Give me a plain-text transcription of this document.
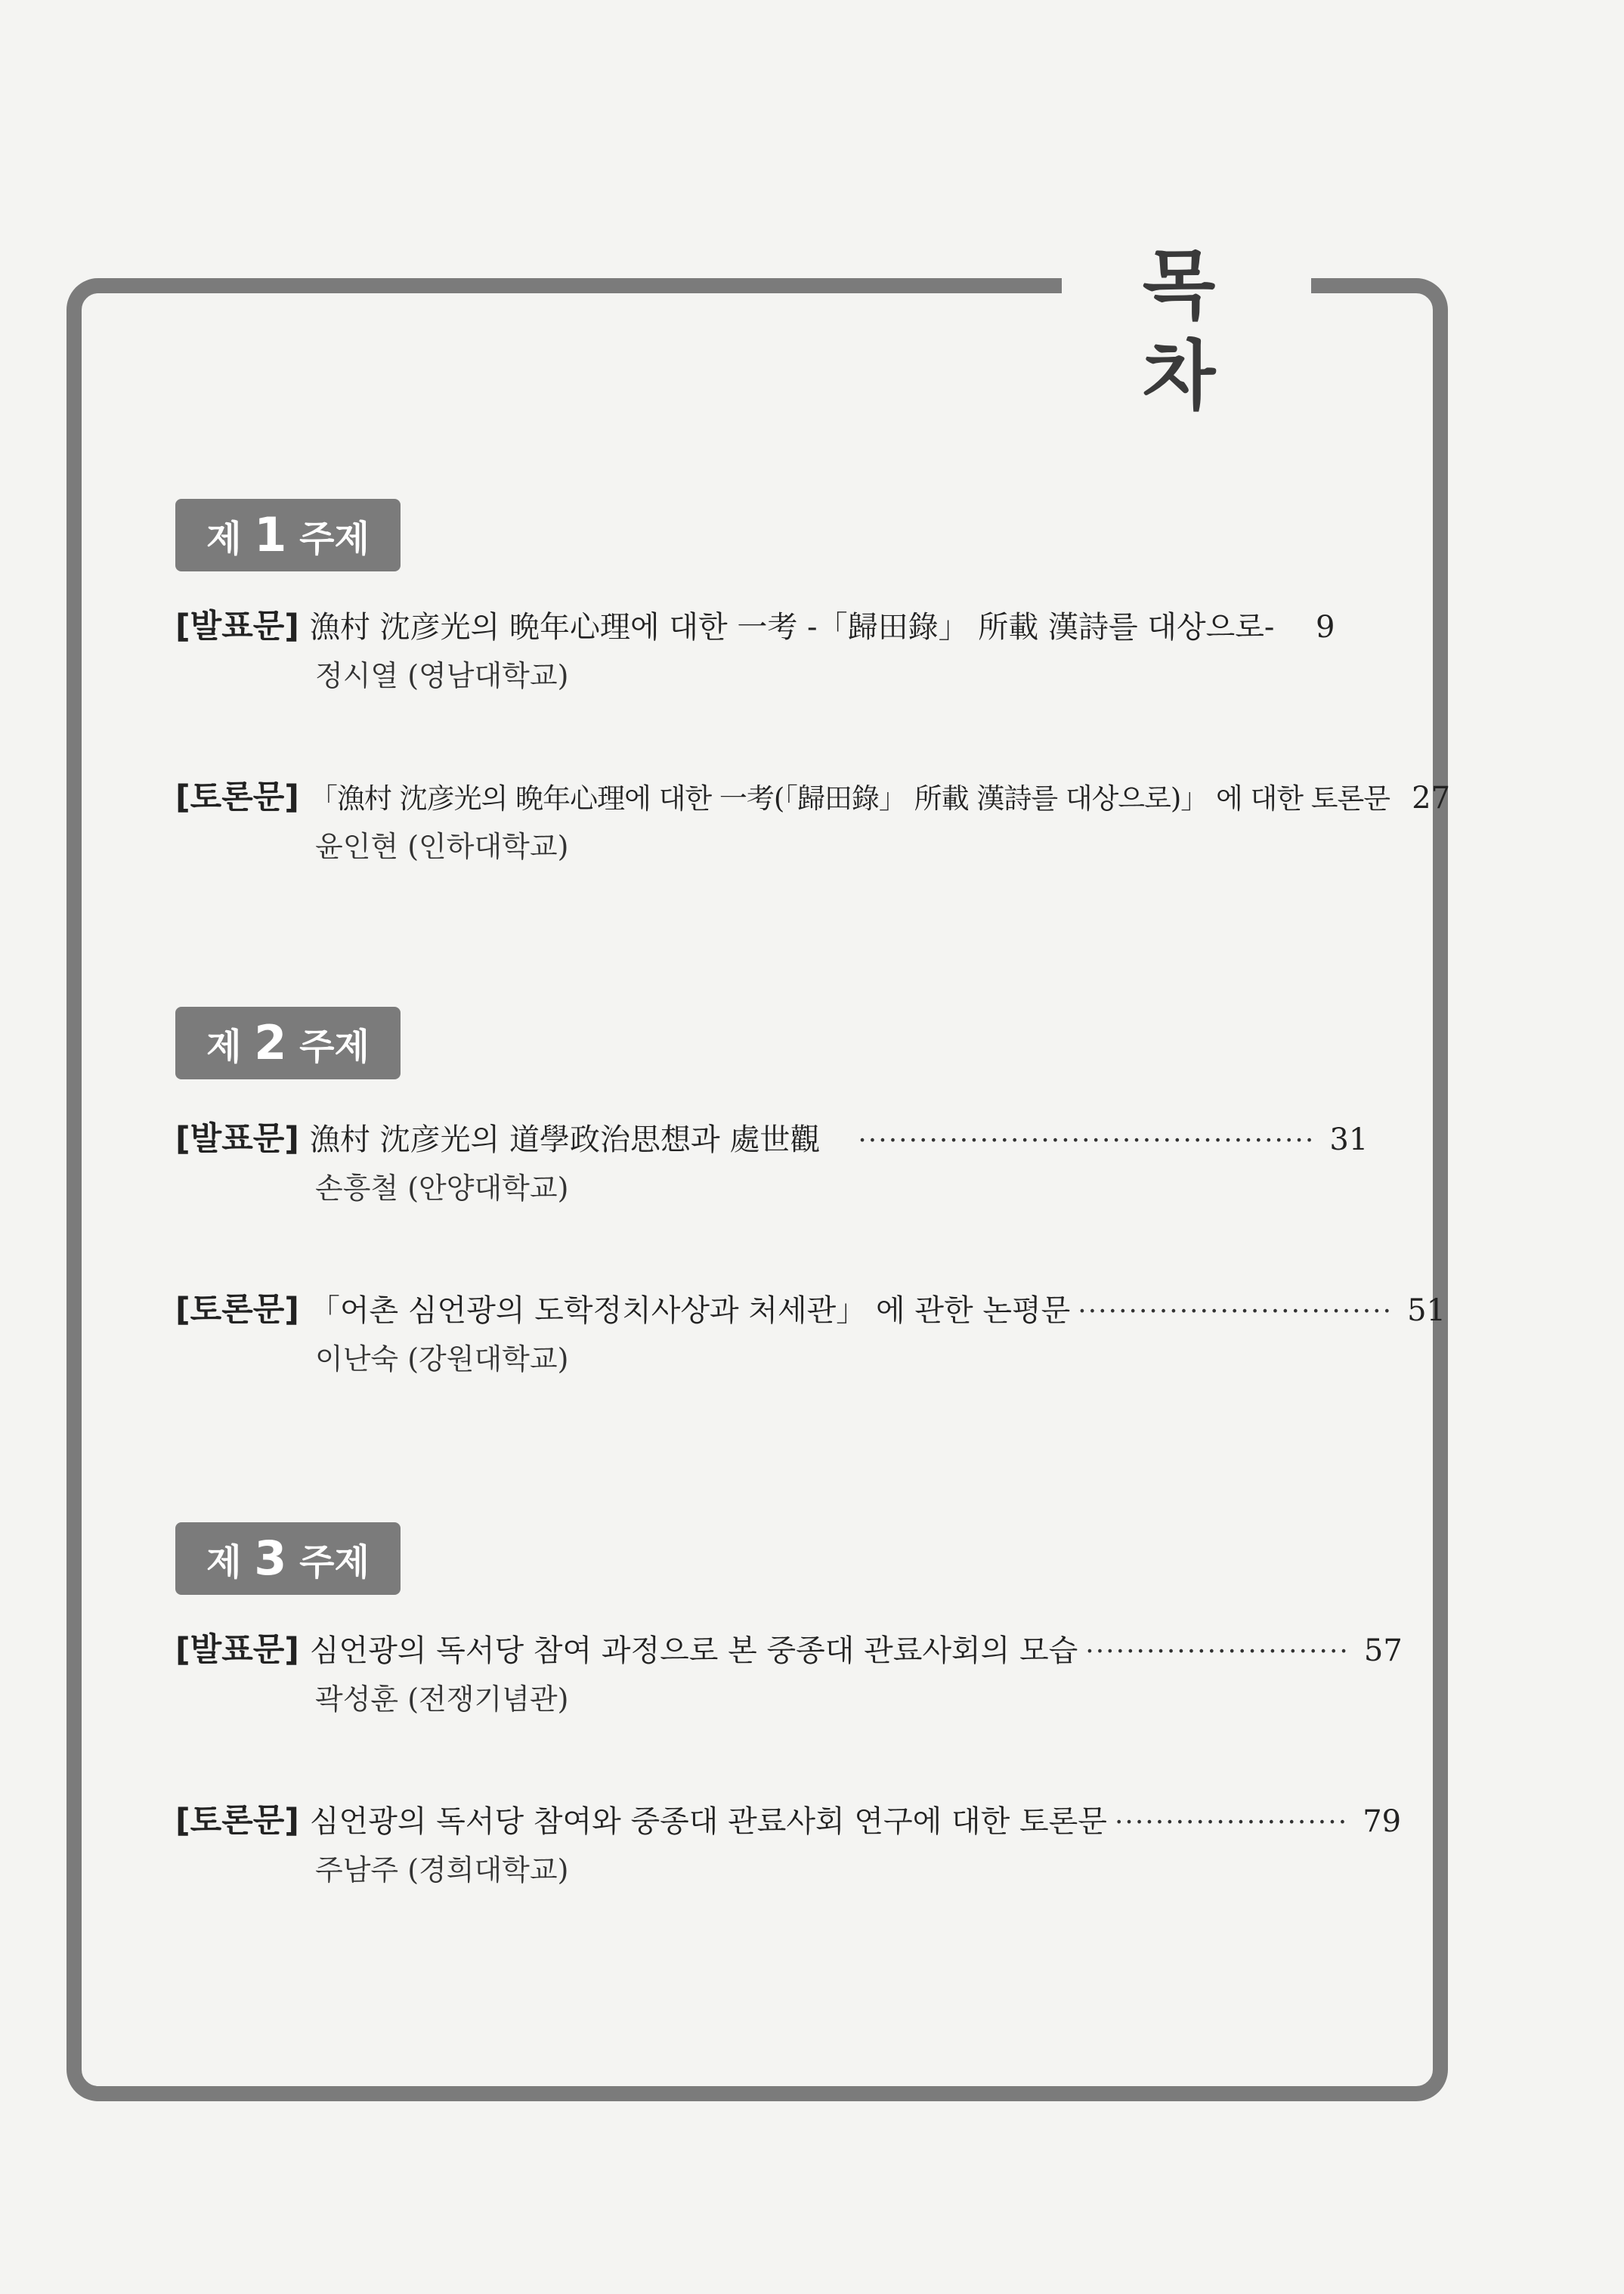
목 차
제 1 주제
[발표문] 漁村 沈彦光의 晩年心理에 대한 一考 -「歸田錄」 所載 漢詩를 대상으로-	9
정시열 (영남대학교)
[토론문] 「漁村 沈彦光의 晩年心理에 대한 一考(「歸田錄」 所載 漢詩를 대상으로)」 에 대한 토론문 27
윤인현 (인하대학교)
제 2 주제
[발표문] 漁村 沈彦光의 道學政治思想과 處世觀 ············································· 31
손흥철 (안양대학교)
[토론문] 「어촌 심언광의 도학정치사상과 처세관」 에 관한 논평문 ······························· 51
이난숙 (강원대학교)
제 3 주제
[발표문] 심언광의 독서당 참여 과정으로 본 중종대 관료사회의 모습 ·························· 57
곽성훈 (전쟁기념관)
[토론문] 심언광의 독서당 참여와 중종대 관료사회 연구에 대한 토론문 ······················· 79
주남주 (경희대학교)
